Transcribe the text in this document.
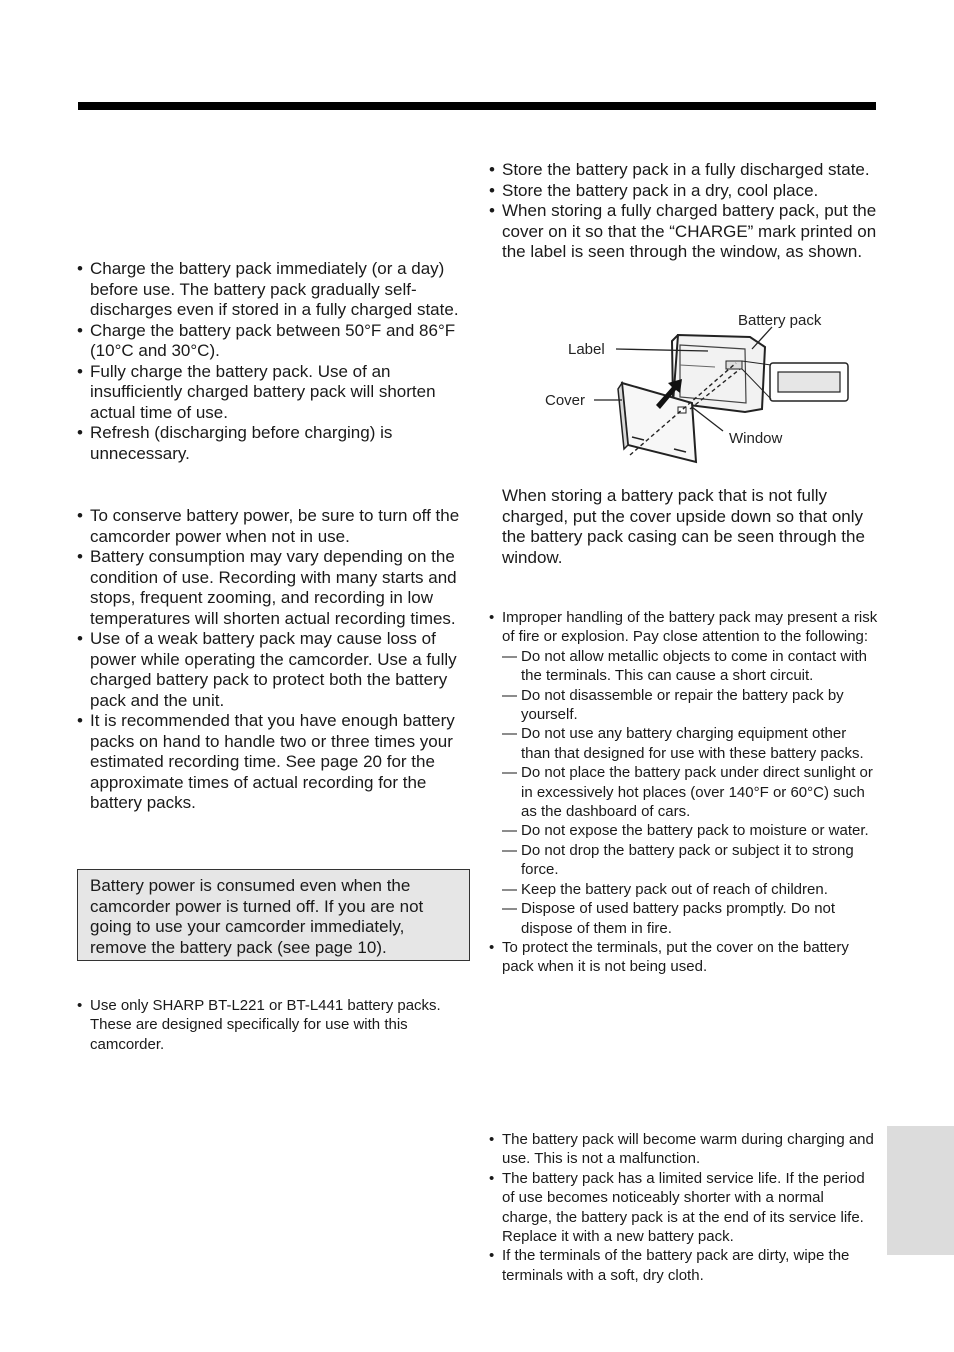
• Charge the battery pack immediately (or a day) before use. The battery pack gradually self-discharges even if stored in a fully charged state.
• Charge the battery pack between 50°F and 86°F (10°C and 30°C).
• Fully charge the battery pack. Use of an insufficiently charged battery pack will shorten actual time of use.
• Refresh (discharging before charging) is unnecessary.
• To conserve battery power, be sure to turn off the camcorder power when not in use.
• Battery consumption may vary depending on the condition of use. Recording with many starts and stops, frequent zooming, and recording in low temperatures will shorten actual recording times.
• Use of a weak battery pack may cause loss of power while operating the camcorder. Use a fully charged battery pack to protect both the battery pack and the unit.
• It is recommended that you have enough battery packs on hand to handle two or three times your estimated recording time. See page 20 for the approximate times of actual recording for the battery packs.
Battery power is consumed even when the camcorder power is turned off. If you are not going to use your camcorder immediately, remove the battery pack (see page 10).
• Use only SHARP BT-L221 or BT-L441 battery packs. These are designed specifically for use with this camcorder.
• Store the battery pack in a fully discharged state.
• Store the battery pack in a dry, cool place.
• When storing a fully charged battery pack, put the cover on it so that the “CHARGE” mark printed on the label is seen through the window, as shown.
Battery pack
Label
Cover
Window
When storing a battery pack that is not fully charged, put the cover upside down so that only the battery pack casing can be seen through the window.
• Improper handling of the battery pack may present a risk of fire or explosion. Pay close attention to the following:
— Do not allow metallic objects to come in contact with the terminals. This can cause a short circuit.
— Do not disassemble or repair the battery pack by yourself.
— Do not use any battery charging equipment other than that designed for use with these battery packs.
— Do not place the battery pack under direct sunlight or in excessively hot places (over 140°F or 60°C) such as the dashboard of cars.
— Do not expose the battery pack to moisture or water.
— Do not drop the battery pack or subject it to strong force.
— Keep the battery pack out of reach of children.
— Dispose of used battery packs promptly. Do not dispose of them in fire.
• To protect the terminals, put the cover on the battery pack when it is not being used.
• The battery pack will become warm during charging and use. This is not a malfunction.
• The battery pack has a limited service life. If the period of use becomes noticeably shorter with a normal charge, the battery pack is at the end of its service life. Replace it with a new battery pack.
• If the terminals of the battery pack are dirty, wipe the terminals with a soft, dry cloth.
